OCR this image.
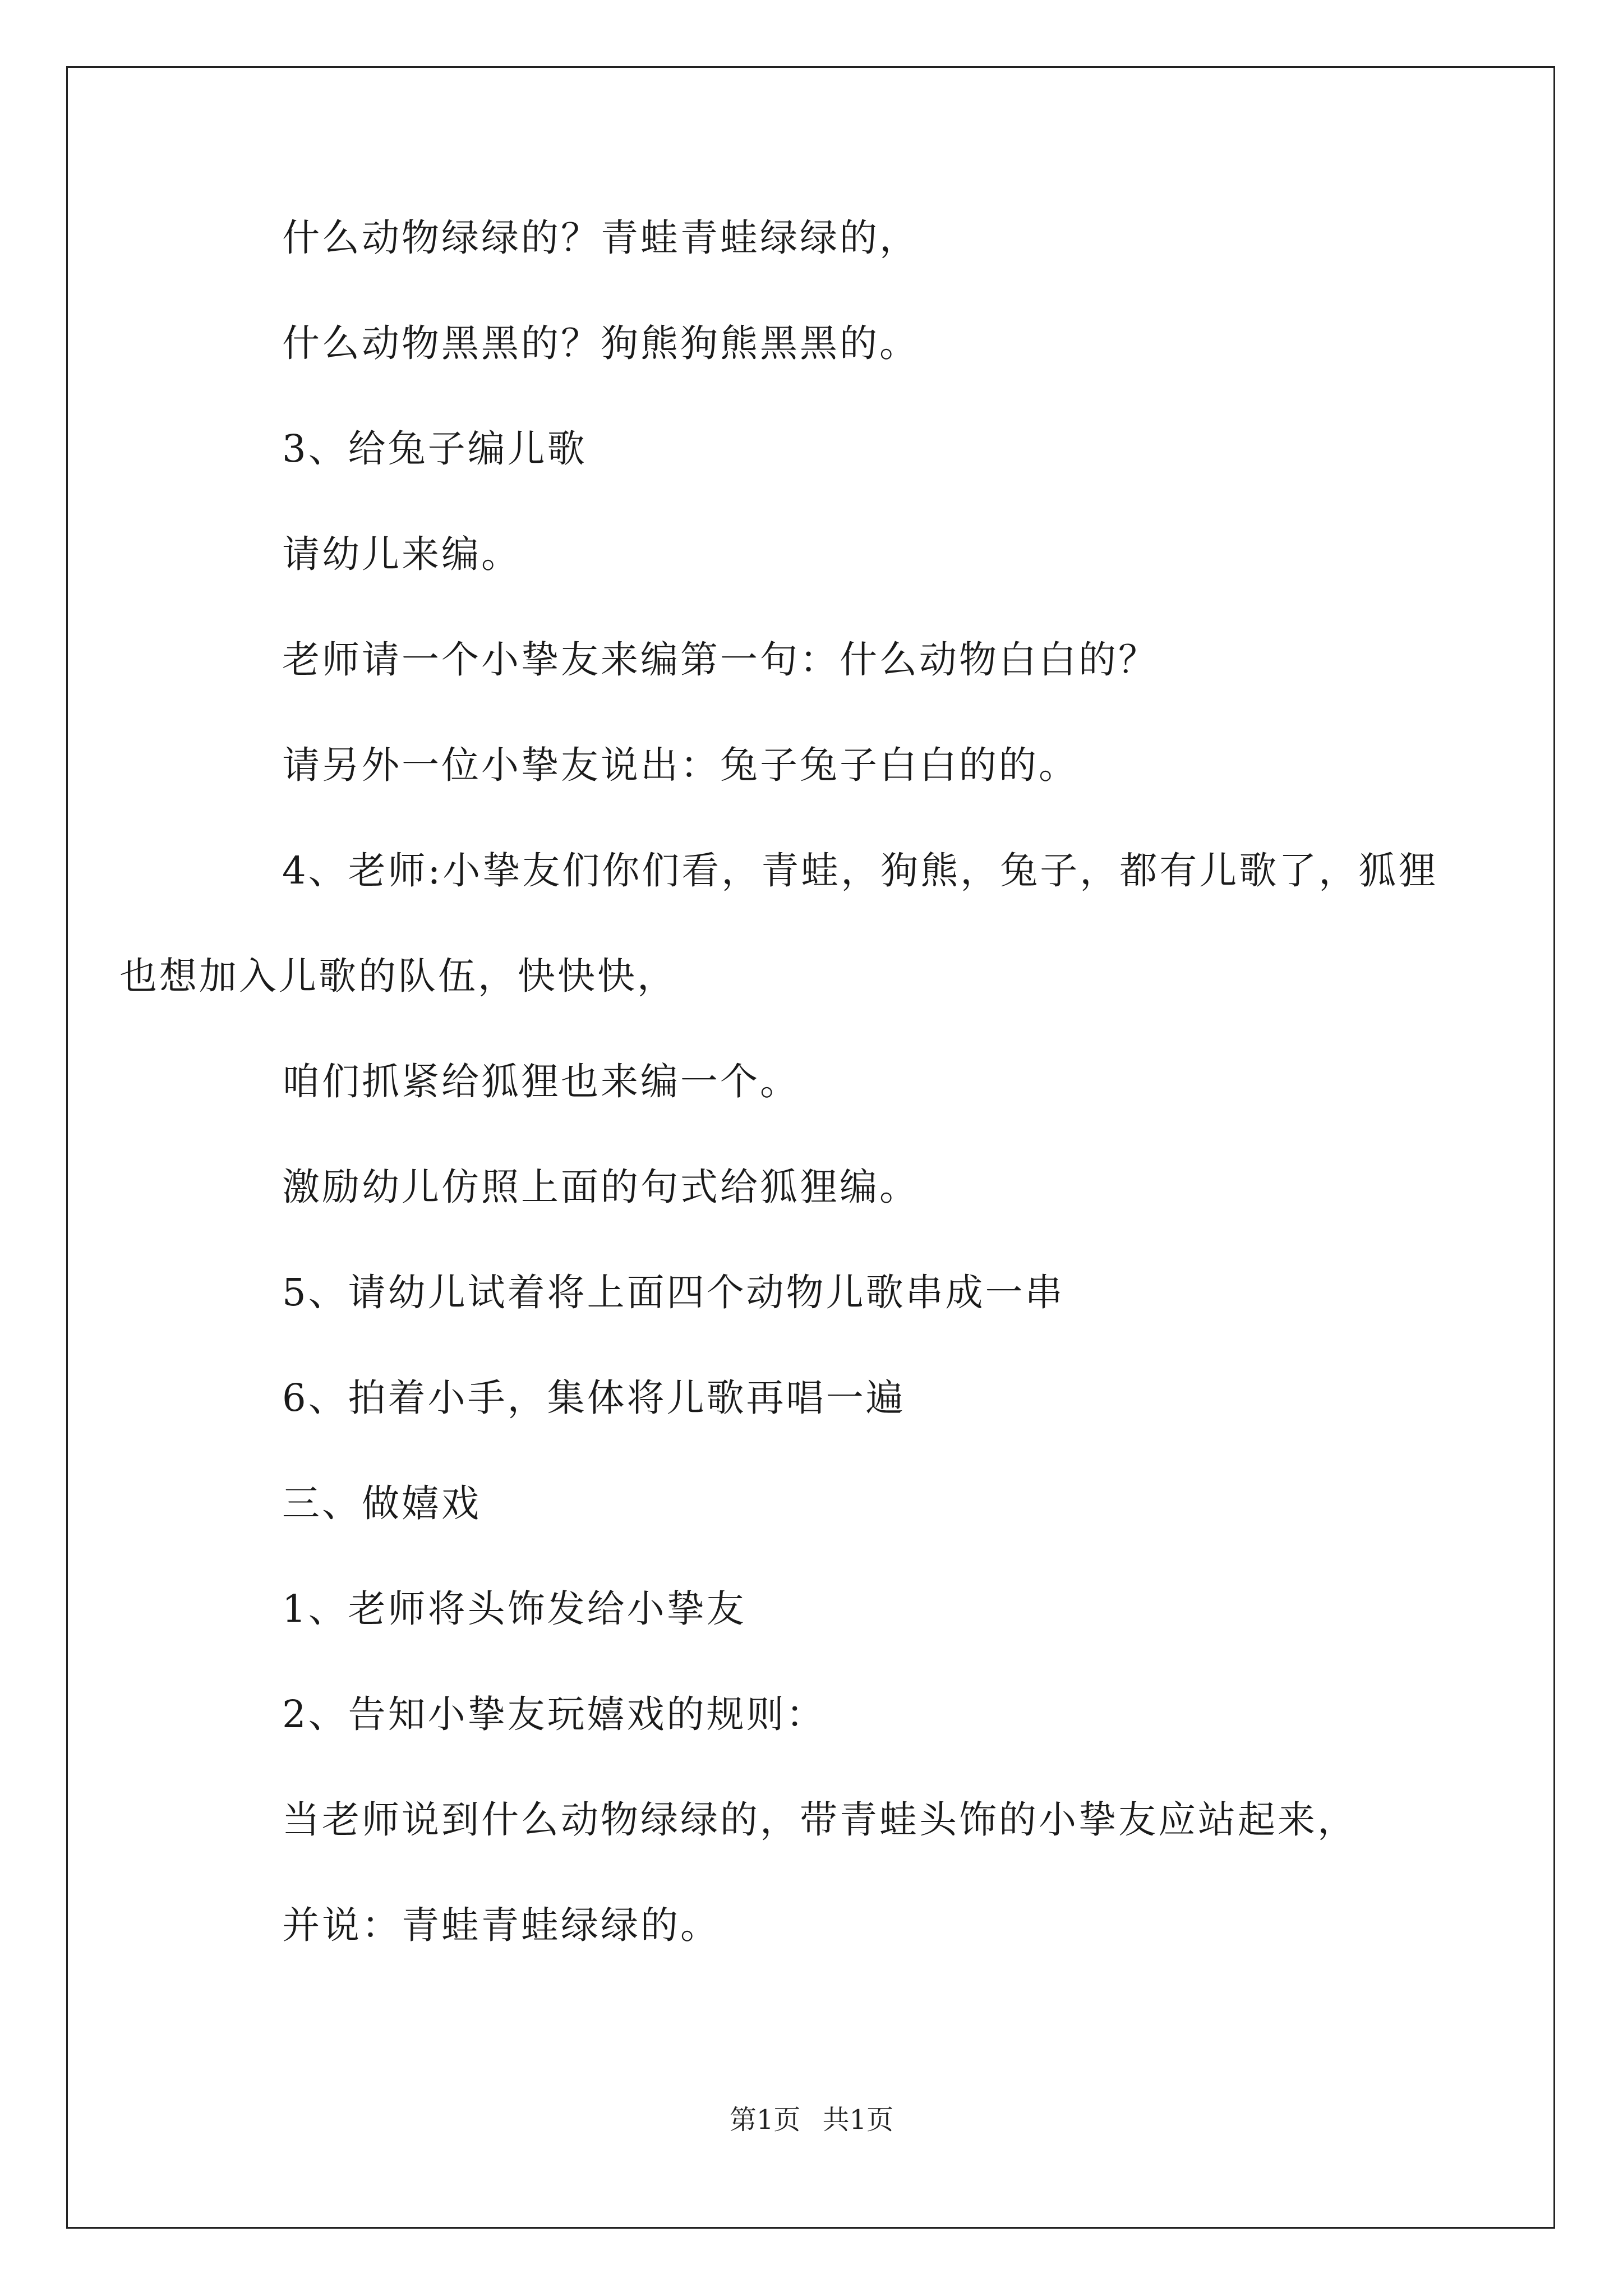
什么动物绿绿的？青蛙青蛙绿绿的，

什么动物黑黑的？狗熊狗熊黑黑的。

3、给兔子编儿歌

请幼儿来编。

老师请一个小挚友来编第一句：什么动物白白的？

请另外一位小挚友说出：兔子兔子白白的的。

4、老师:小挚友们你们看，青蛙，狗熊，兔子，都有儿歌了，狐狸也想加入儿歌的队伍，快快快，

咱们抓紧给狐狸也来编一个。

激励幼儿仿照上面的句式给狐狸编。

5、请幼儿试着将上面四个动物儿歌串成一串

6、拍着小手，集体将儿歌再唱一遍

三、做嬉戏

1、老师将头饰发给小挚友

2、告知小挚友玩嬉戏的规则：

当老师说到什么动物绿绿的，带青蛙头饰的小挚友应站起来，

并说：青蛙青蛙绿绿的。

第1页 共1页
